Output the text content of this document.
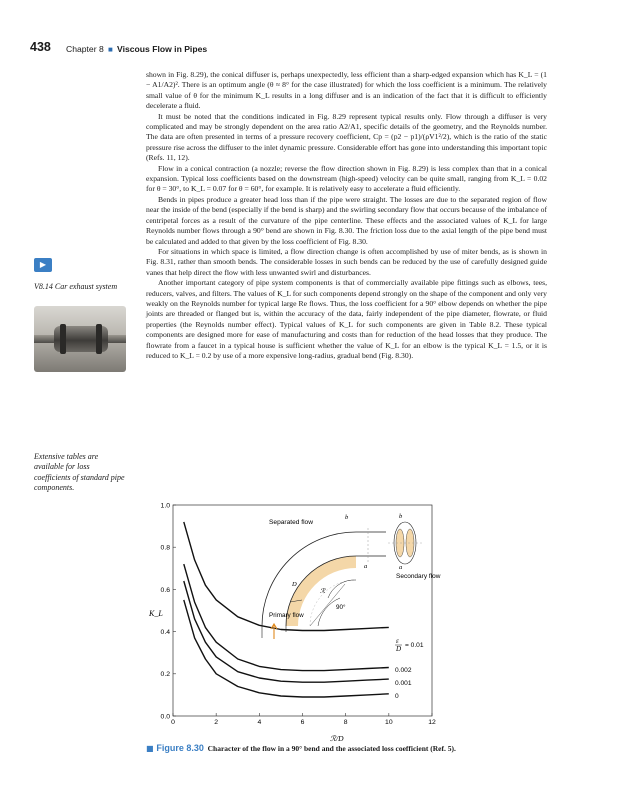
438 Chapter 8 ■ Viscous Flow in Pipes

shown in Fig. 8.29), the conical diffuser is, perhaps unexpectedly, less efficient than a sharp-edged expansion which has K_L = (1 − A1/A2)². There is an optimum angle (θ ≈ 8° for the case illustrated) for which the loss coefficient is a minimum. The relatively small value of θ for the minimum K_L results in a long diffuser and is an indication of the fact that it is difficult to efficiently decelerate a fluid.

It must be noted that the conditions indicated in Fig. 8.29 represent typical results only. Flow through a diffuser is very complicated and may be strongly dependent on the area ratio A2/A1, specific details of the geometry, and the Reynolds number. The data are often presented in terms of a pressure recovery coefficient, Cp = (p2 − p1)/(ρV1²/2), which is the ratio of the static pressure rise across the diffuser to the inlet dynamic pressure. Considerable effort has gone into understanding this important topic (Refs. 11, 12).

Flow in a conical contraction (a nozzle; reverse the flow direction shown in Fig. 8.29) is less complex than that in a conical expansion. Typical loss coefficients based on the downstream (high-speed) velocity can be quite small, ranging from K_L = 0.02 for θ = 30°, to K_L = 0.07 for θ = 60°, for example. It is relatively easy to accelerate a fluid efficiently.

Bends in pipes produce a greater head loss than if the pipe were straight. The losses are due to the separated region of flow near the inside of the bend (especially if the bend is sharp) and the swirling secondary flow that occurs because of the imbalance of centripetal forces as a result of the curvature of the pipe centerline. These effects and the associated values of K_L for large Reynolds number flows through a 90° bend are shown in Fig. 8.30. The friction loss due to the axial length of the pipe bend must be calculated and added to that given by the loss coefficient of Fig. 8.30.

For situations in which space is limited, a flow direction change is often accomplished by use of miter bends, as is shown in Fig. 8.31, rather than smooth bends. The considerable losses in such bends can be reduced by the use of carefully designed guide vanes that help direct the flow with less unwanted swirl and disturbances.

Another important category of pipe system components is that of commercially available pipe fittings such as elbows, tees, reducers, valves, and filters. The values of K_L for such components depend strongly on the shape of the component and only very weakly on the Reynolds number for typical large Re flows. Thus, the loss coefficient for a 90° elbow depends on whether the pipe joints are threaded or flanged but is, within the accuracy of the data, fairly independent of the pipe diameter, flowrate, or fluid properties (the Reynolds number effect). Typical values of K_L for such components are given in Table 8.2. These typical components are designed more for ease of manufacturing and costs than for reduction of the head losses that they produce. The flowrate from a faucet in a typical house is sufficient whether the value of K_L for an elbow is the typical K_L = 1.5, or it is reduced to K_L = 0.2 by use of a more expensive long-radius, gradual bend (Fig. 8.30).

▶
V8.14 Car exhaust system
Extensive tables are available for loss coefficients of standard pipe components.
0	2	4	6	8	10	12
0.0
0.2
0.4
0.6
0.8
1.0
K_L
ℛ/D
Separated flow
b	b
a	a
Secondary flow
D
ℛ
90°
Primary flow
ε
D = 0.01
0.002
0.001
0
■ Figure 8.30 Character of the flow in a 90° bend and the associated loss coefficient (Ref. 5).
